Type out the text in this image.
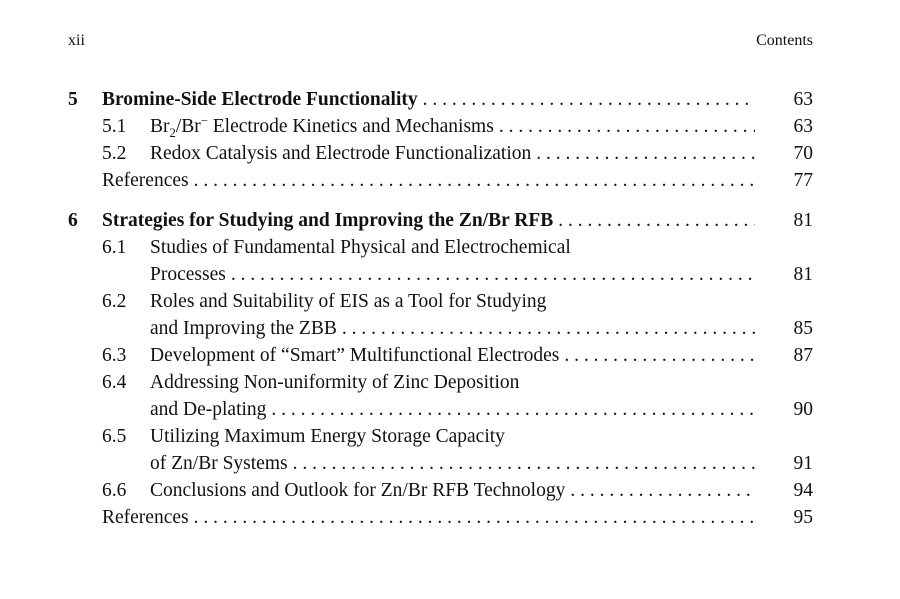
xii	Contents
5 Bromine-Side Electrode Functionality . . .	63
5.1 $Br_2/Br^-$ Electrode Kinetics and Mechanisms . . .	63
5.2 Redox Catalysis and Electrode Functionalization . . .	70
References . . .	77
6 Strategies for Studying and Improving the Zn/Br RFB . . .	81
6.1 Studies of Fundamental Physical and Electrochemical
Processes . . .	81
6.2 Roles and Suitability of EIS as a Tool for Studying
and Improving the ZBB . . .	85
6.3 Development of “Smart” Multifunctional Electrodes . . .	87
6.4 Addressing Non-uniformity of Zinc Deposition
and De-plating . . .	90
6.5 Utilizing Maximum Energy Storage Capacity
of Zn/Br Systems . . .	91
6.6 Conclusions and Outlook for Zn/Br RFB Technology . . .	94
References . . .	95
